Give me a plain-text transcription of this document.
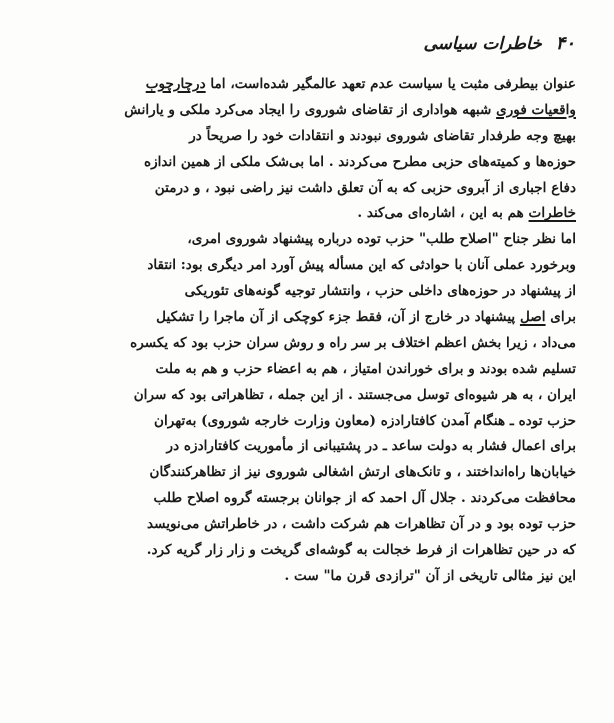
۴۰ خاطرات سیاسی
عنوان بیطرفی مثبت یا سیاست عدم تعهد عالمگیر شده‌است، اما درچارچوب
واقعیات فوری شبهه هواداری از تقاضای شوروی را ایجاد می‌کرد ملکی و یارانش
بهیچ وجه طرفدار تقاضای شوروی نبودند و انتقادات خود را صریحاً در
حوزه‌ها و کمیته‌های حزبی مطرح می‌کردند . اما بی‌شک ملکی از همین اندازه
دفاع اجباری از آبروی حزبی که به آن تعلق داشت نیز راضی نبود ، و درمتن
خاطرات هم به این ، اشاره‌ای می‌کند .
اما نظر جناح "اصلاح طلب" حزب توده درباره پیشنهاد شوروی امری،
وبرخورد عملی آنان با حوادثی که این مسأله پیش آورد امر دیگری بود: انتقاد
از پیشنهاد در حوزه‌های داخلی حزب ، وانتشار توجیه گونه‌های تئوریکی
برای اصل پیشنهاد در خارج از آن، فقط جزء کوچکی از آن ماجرا را تشکیل
می‌داد ، زیرا بخش اعظم اختلاف بر سر راه و روش سران حزب بود که یکسره
تسلیم شده بودند و برای خوراندن امتیاز ، هم به اعضاء حزب و هم به ملت
ایران ، به هر شیوه‌ای توسل می‌جستند . از این جمله ، تظاهراتی بود که سران
حزب توده ـ هنگام آمدن کافتارادزه (معاون وزارت خارجه شوروی) به‌تهران
برای اعمال فشار به دولت ساعد ـ در پشتیبانی از مأموریت کافتارادزه در
خیابان‌ها راه‌انداختند ، و تانک‌های ارتش اشغالی شوروی نیز از تظاهرکنندگان
محافظت می‌کردند . جلال آل احمد که از جوانان برجسته گروه اصلاح طلب
حزب توده بود و در آن تظاهرات هم شرکت داشت ، در خاطراتش می‌نویسد
که در حین تظاهرات از فرط خجالت به گوشه‌ای گریخت و زار زار گریه کرد.
این نیز مثالی تاریخی از آن "ترازدی قرن ما" ست .
